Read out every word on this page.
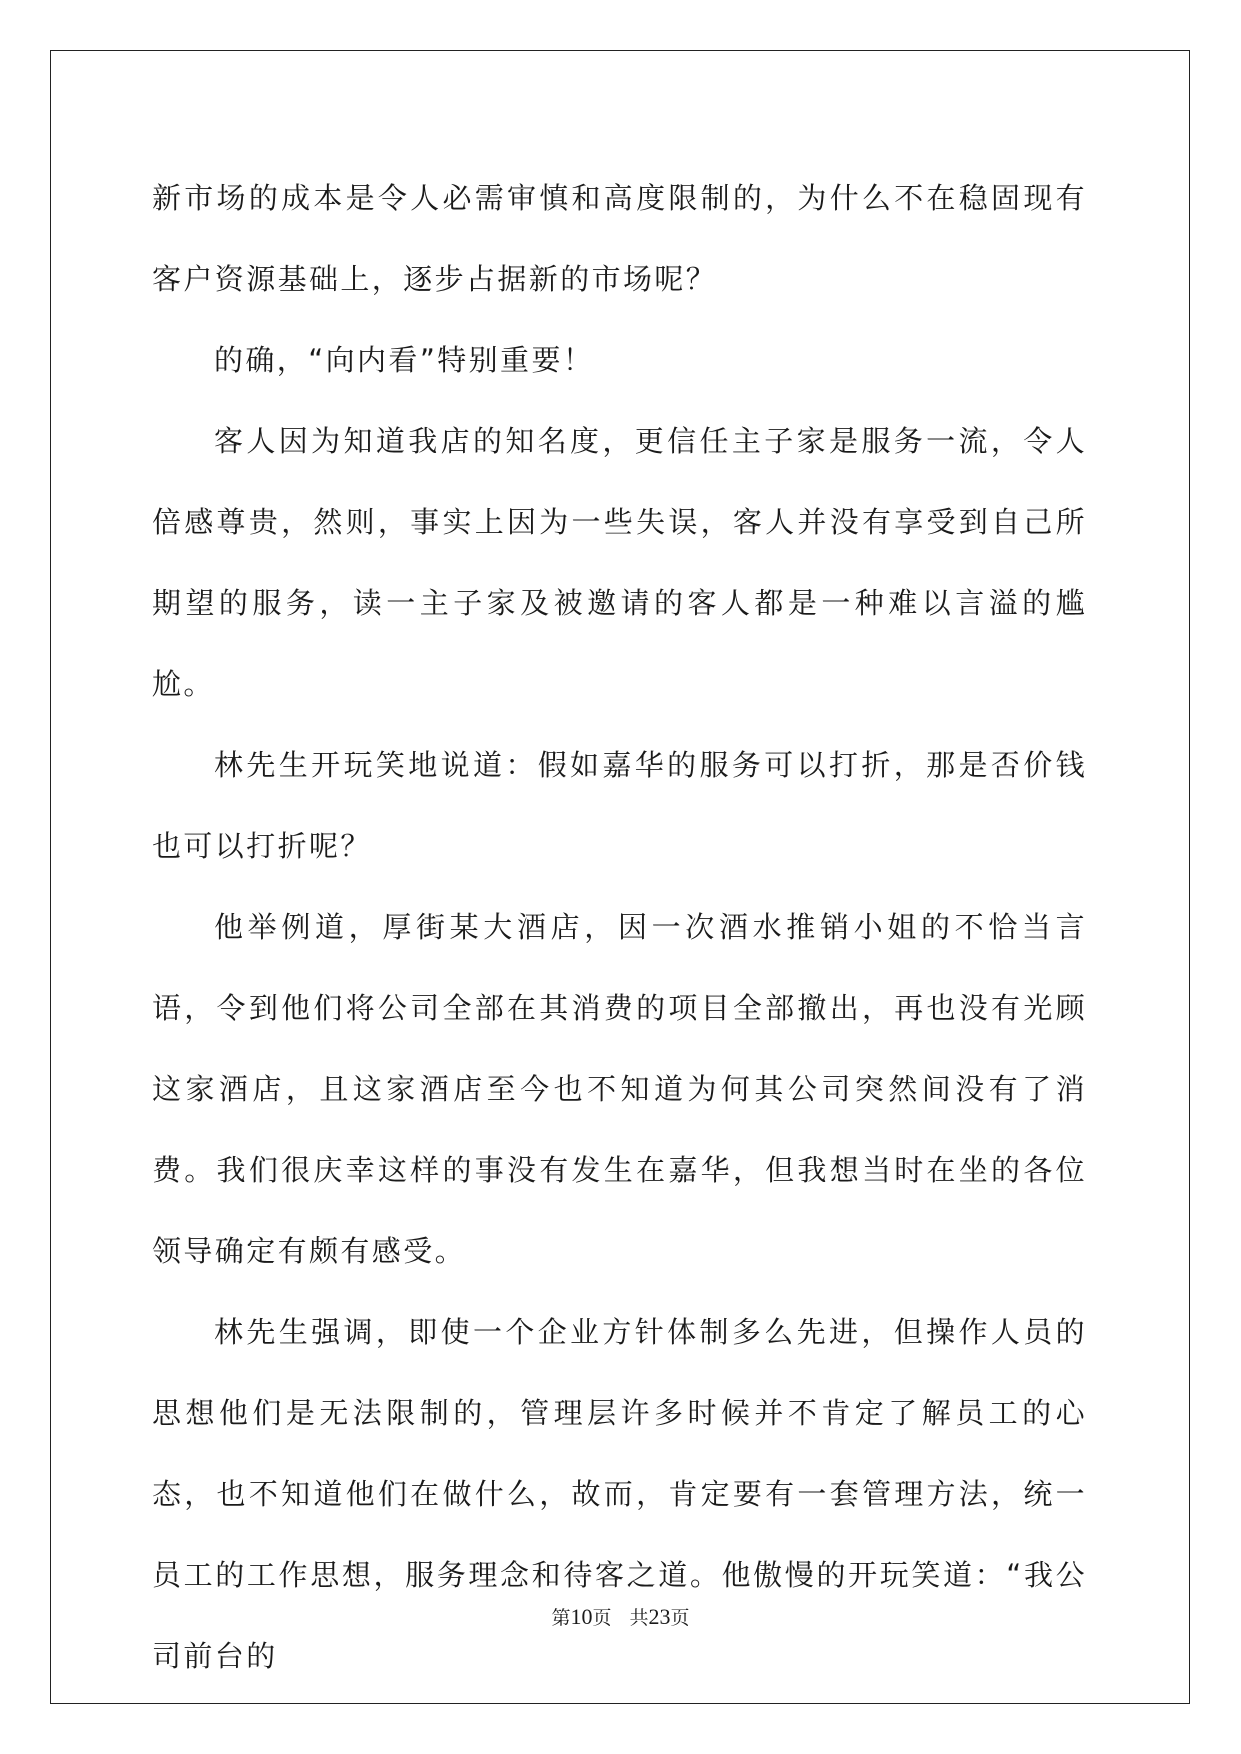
新市场的成本是令人必需审慎和高度限制的，为什么不在稳固现有客户资源基础上，逐步占据新的市场呢？

的确，“向内看”特别重要！

客人因为知道我店的知名度，更信任主子家是服务一流，令人倍感尊贵，然则，事实上因为一些失误，客人并没有享受到自己所期望的服务，读一主子家及被邀请的客人都是一种难以言溢的尴尬。

林先生开玩笑地说道：假如嘉华的服务可以打折，那是否价钱也可以打折呢？

他举例道，厚街某大酒店，因一次酒水推销小姐的不恰当言语，令到他们将公司全部在其消费的项目全部撤出，再也没有光顾这家酒店，且这家酒店至今也不知道为何其公司突然间没有了消费。我们很庆幸这样的事没有发生在嘉华，但我想当时在坐的各位领导确定有颇有感受。

林先生强调，即使一个企业方针体制多么先进，但操作人员的思想他们是无法限制的，管理层许多时候并不肯定了解员工的心态，也不知道他们在做什么，故而，肯定要有一套管理方法，统一员工的工作思想，服务理念和待客之道。他傲慢的开玩笑道：“我公司前台的

第10页 共23页
